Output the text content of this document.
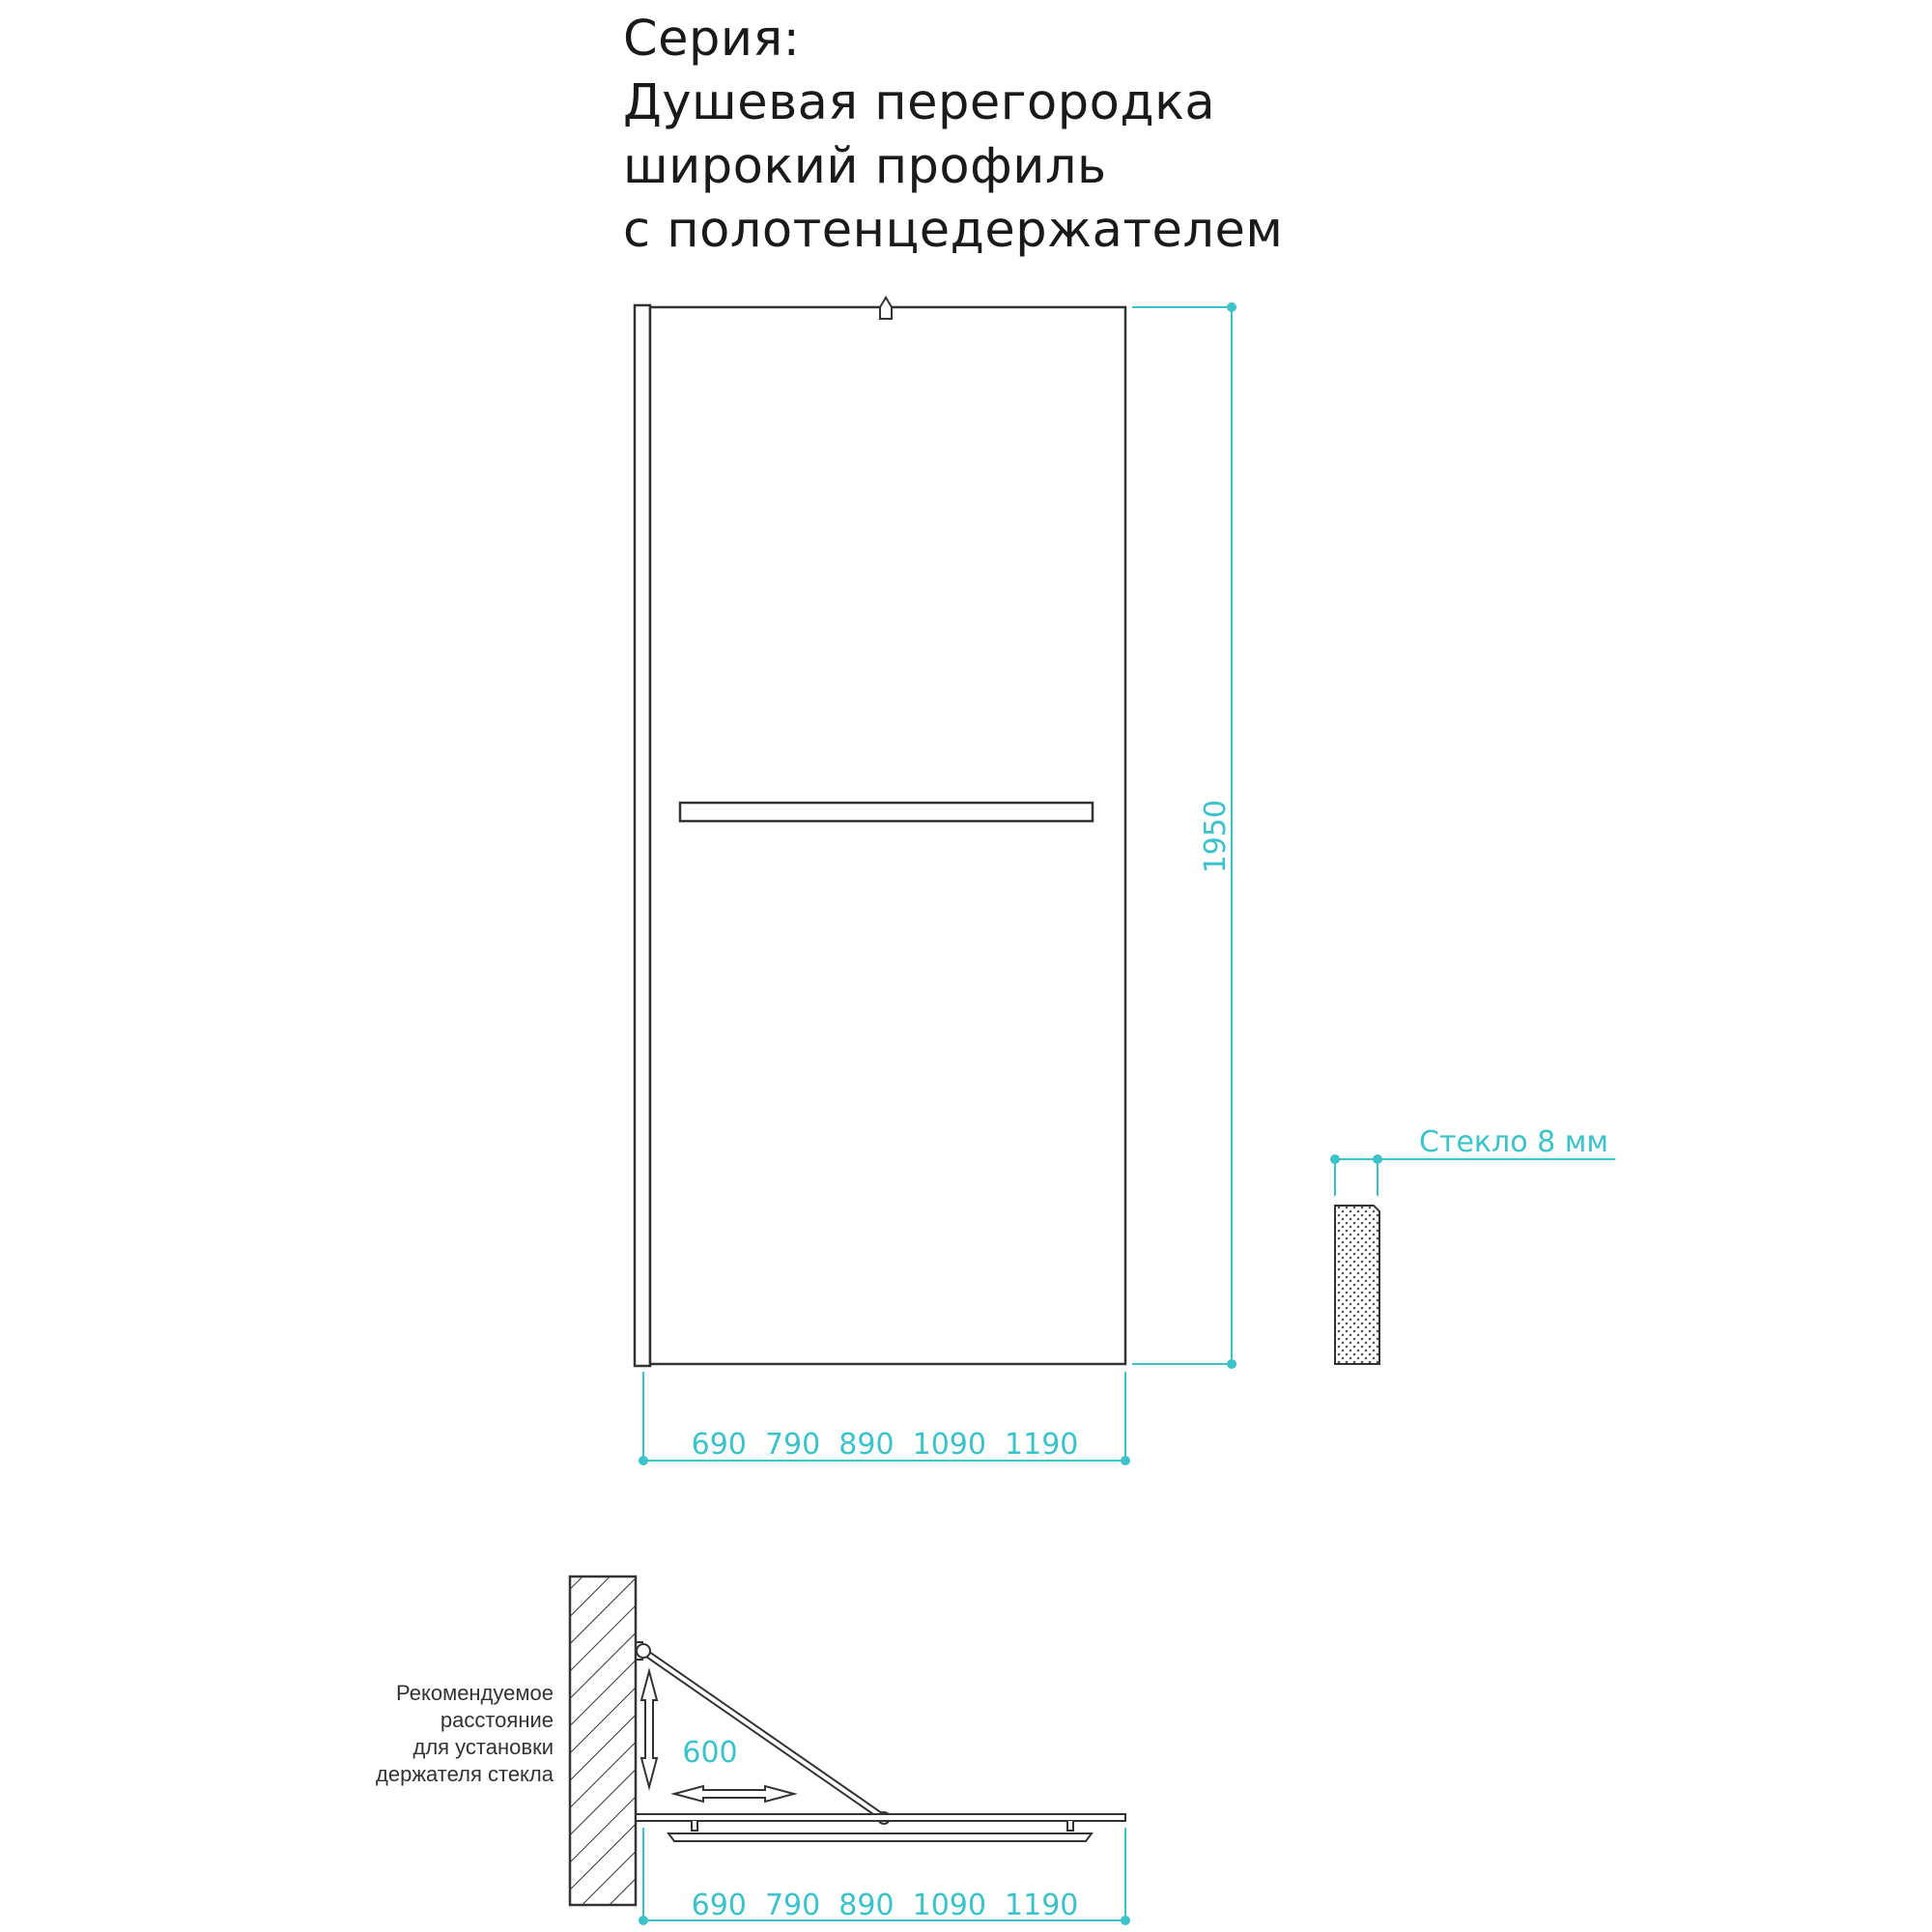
Серия:
Душевая перегородка
широкий профиль
с полотенцедержателем
1950
690  790  890  1090  1190
Стекло 8 мм
600
Рекомендуемое
расстояние
для установки
держателя стекла
690  790  890  1090  1190
